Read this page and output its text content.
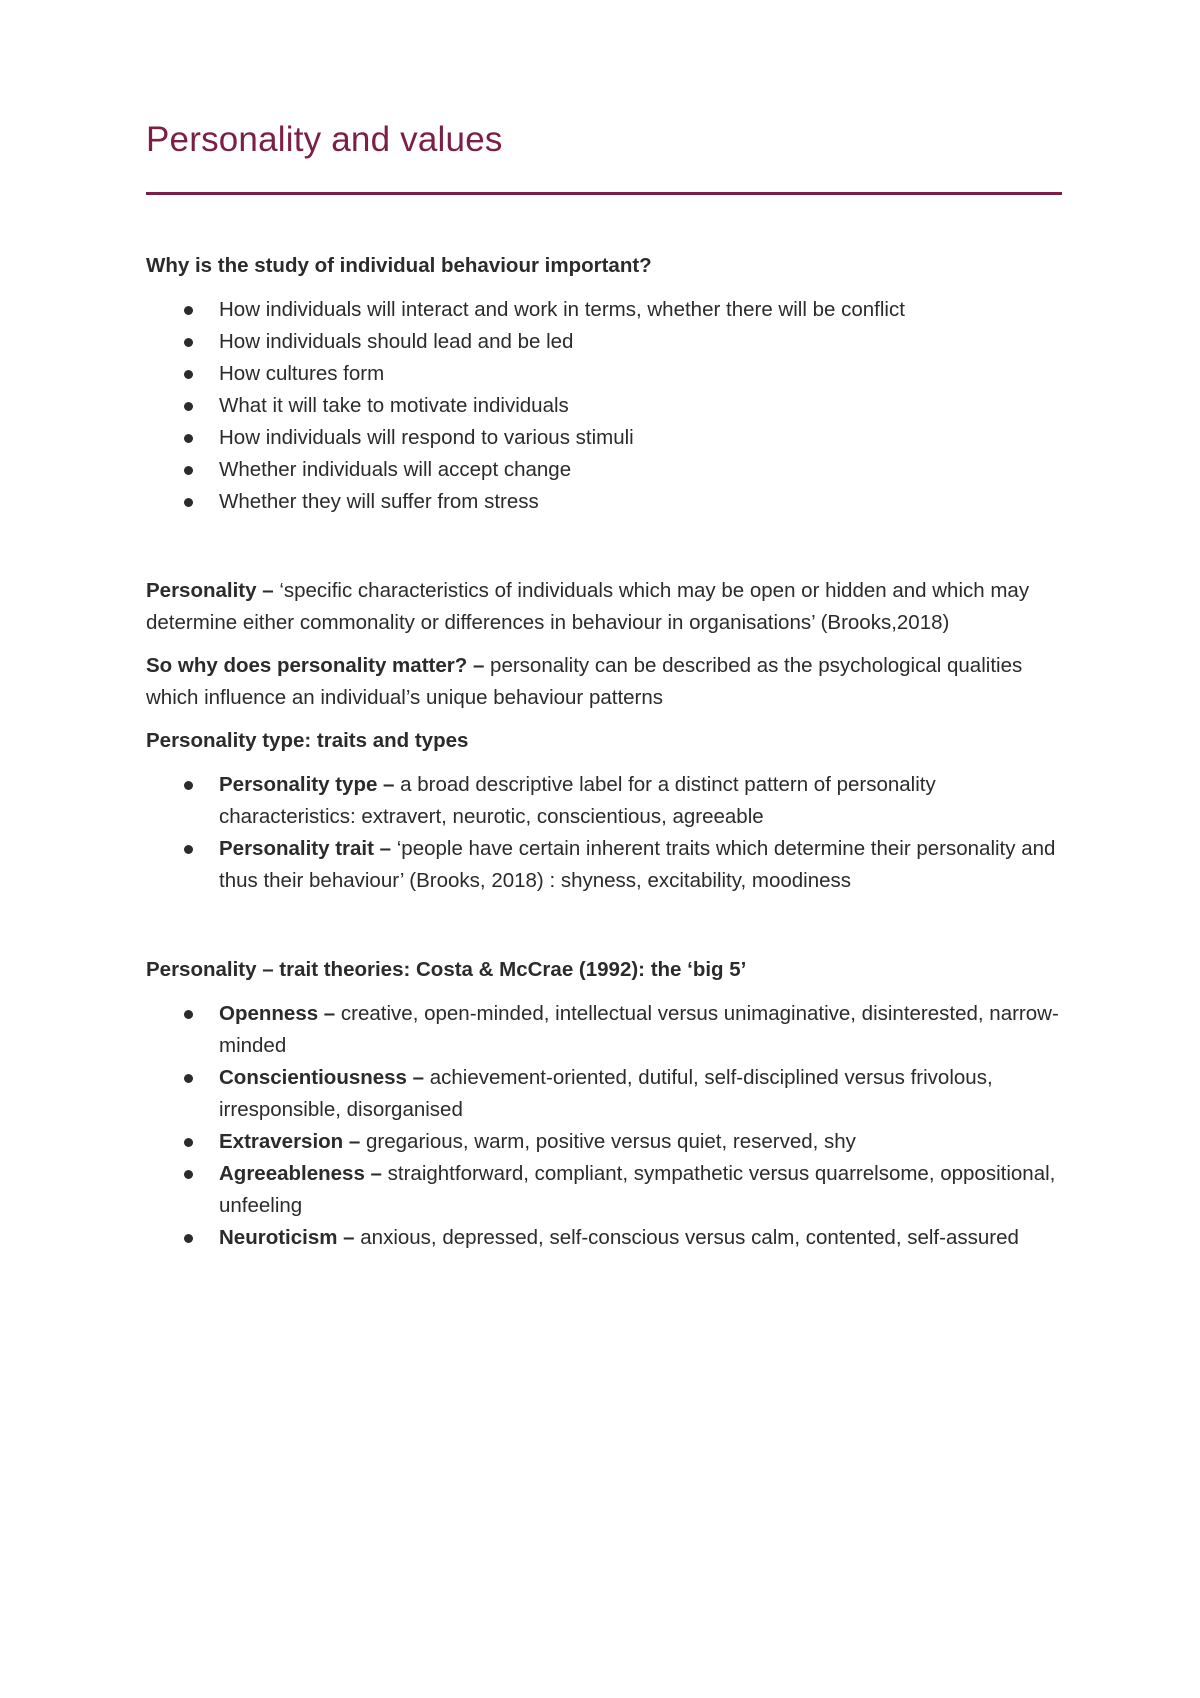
Personality and values

Why is the study of individual behaviour important?

How individuals will interact and work in terms, whether there will be conflict
How individuals should lead and be led
How cultures form
What it will take to motivate individuals
How individuals will respond to various stimuli
Whether individuals will accept change
Whether they will suffer from stress

Personality – ‘specific characteristics of individuals which may be open or hidden and which may determine either commonality or differences in behaviour in organisations’ (Brooks,2018)

So why does personality matter? – personality can be described as the psychological qualities which influence an individual’s unique behaviour patterns

Personality type: traits and types

Personality type – a broad descriptive label for a distinct pattern of personality characteristics: extravert, neurotic, conscientious, agreeable
Personality trait – ‘people have certain inherent traits which determine their personality and thus their behaviour’ (Brooks, 2018) : shyness, excitability, moodiness

Personality – trait theories: Costa & McCrae (1992): the ‘big 5’

Openness – creative, open-minded, intellectual versus unimaginative, disinterested, narrow-minded
Conscientiousness – achievement-oriented, dutiful, self-disciplined versus frivolous, irresponsible, disorganised
Extraversion – gregarious, warm, positive versus quiet, reserved, shy
Agreeableness – straightforward, compliant, sympathetic versus quarrelsome, oppositional, unfeeling
Neuroticism – anxious, depressed, self-conscious versus calm, contented, self-assured
